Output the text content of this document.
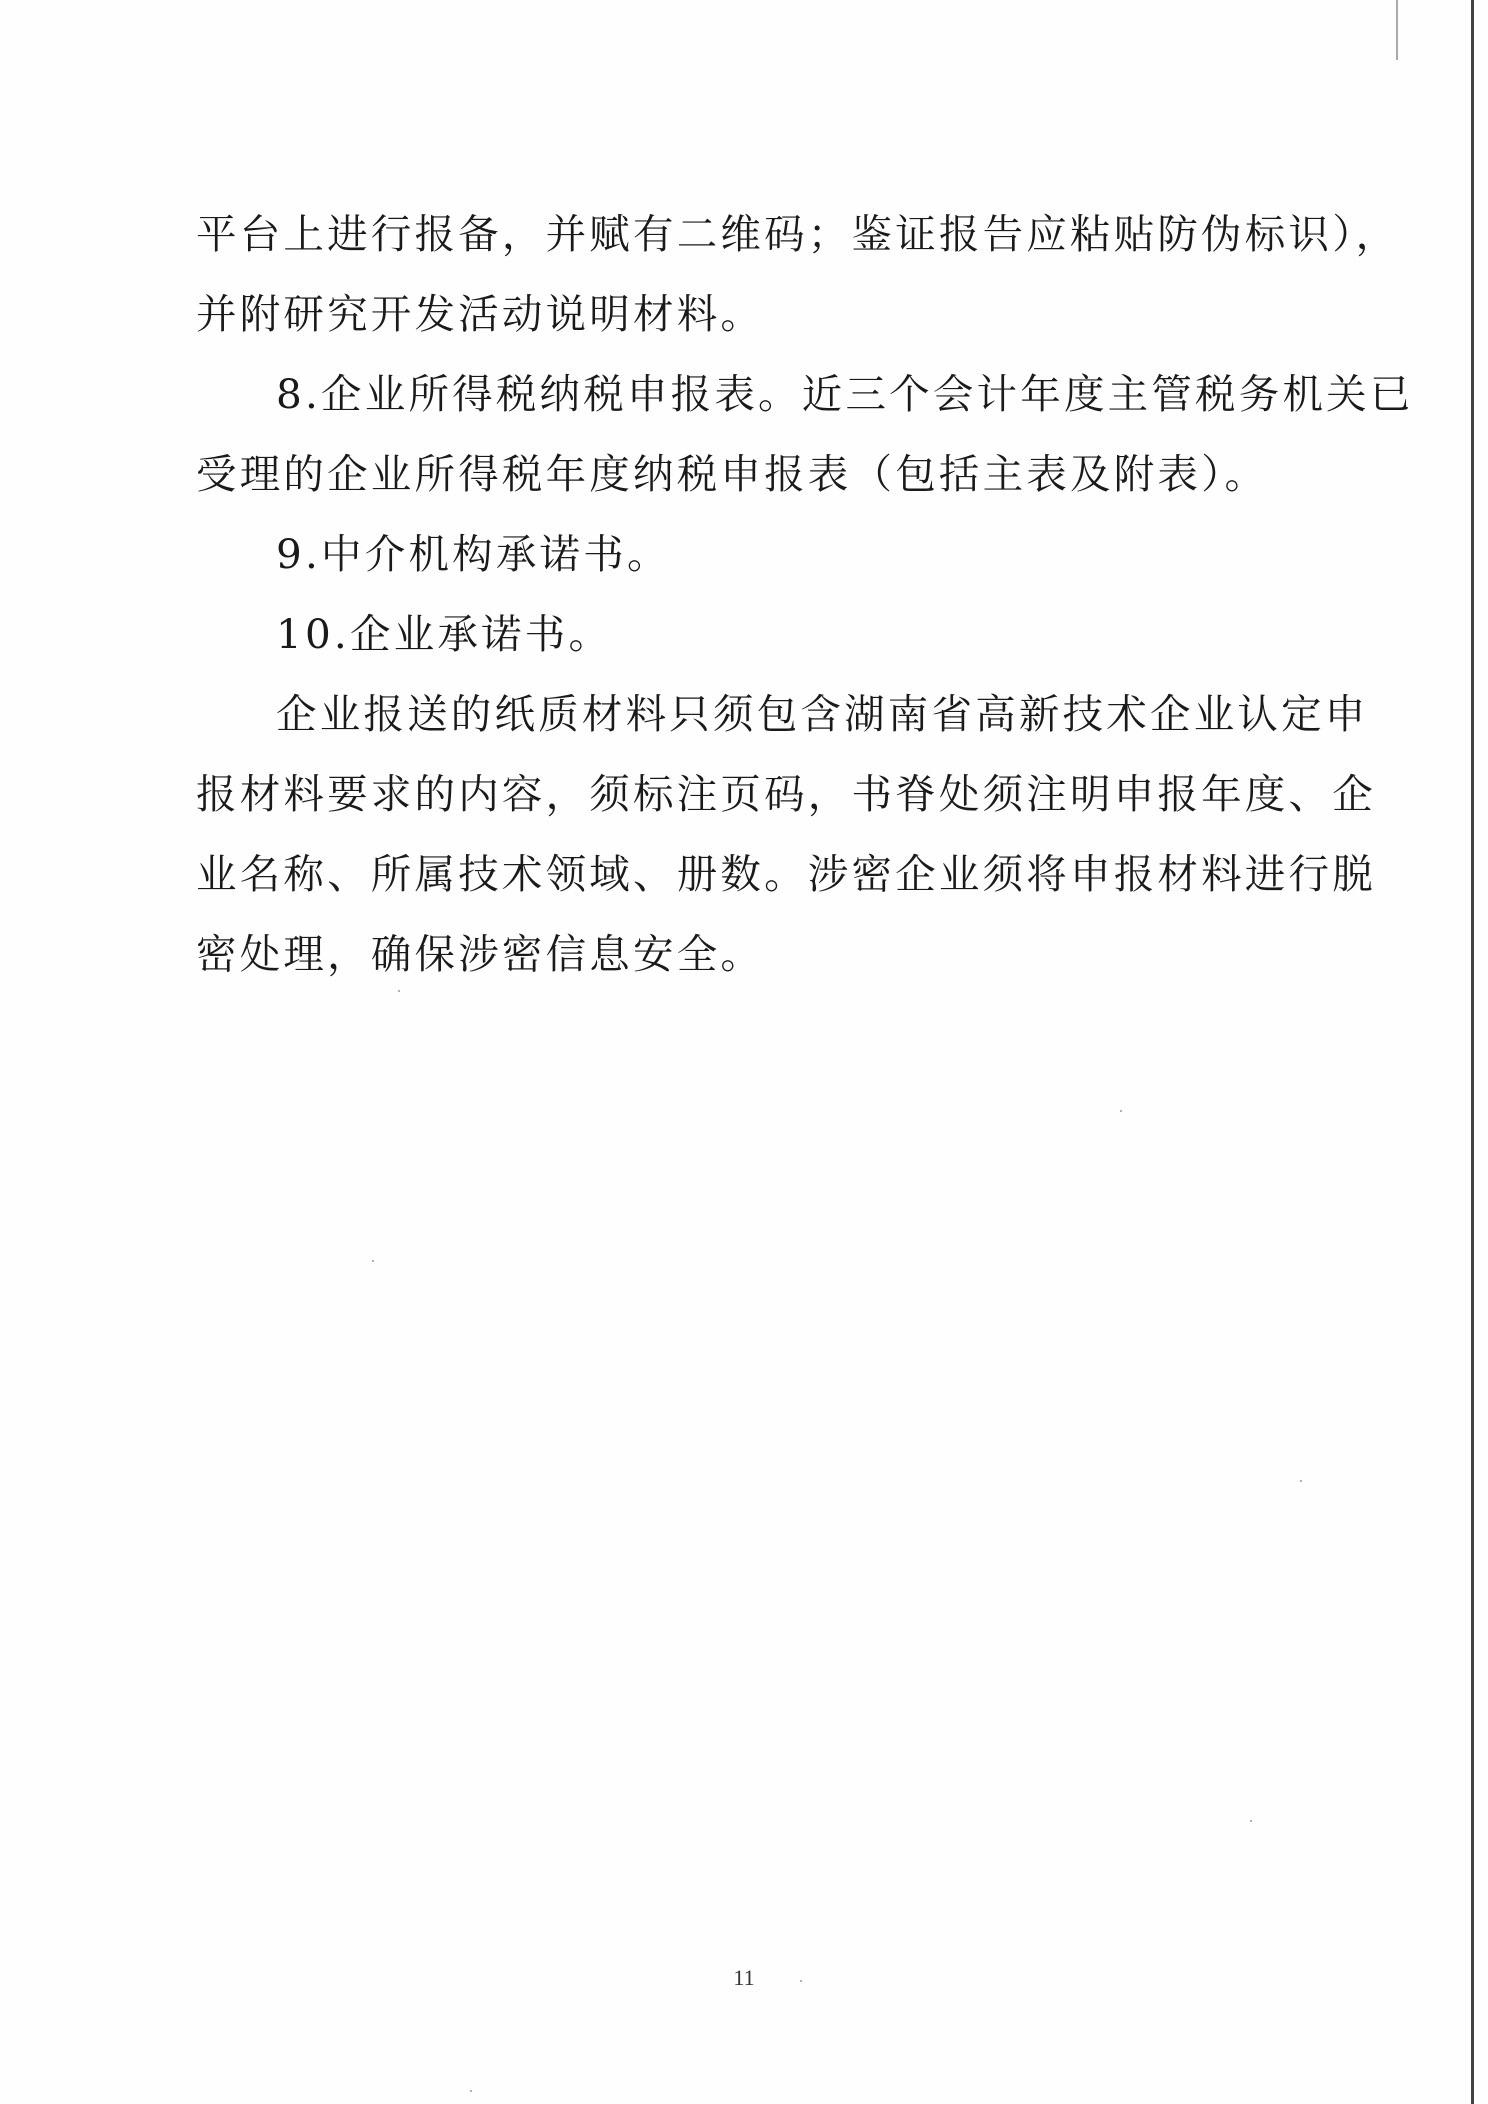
平台上进行报备，并赋有二维码；鉴证报告应粘贴防伪标识），
并附研究开发活动说明材料。
8.企业所得税纳税申报表。近三个会计年度主管税务机关已
受理的企业所得税年度纳税申报表（包括主表及附表）。
9.中介机构承诺书。
10.企业承诺书。
企业报送的纸质材料只须包含湖南省高新技术企业认定申
报材料要求的内容，须标注页码，书脊处须注明申报年度、企
业名称、所属技术领域、册数。涉密企业须将申报材料进行脱
密处理，确保涉密信息安全。
11
